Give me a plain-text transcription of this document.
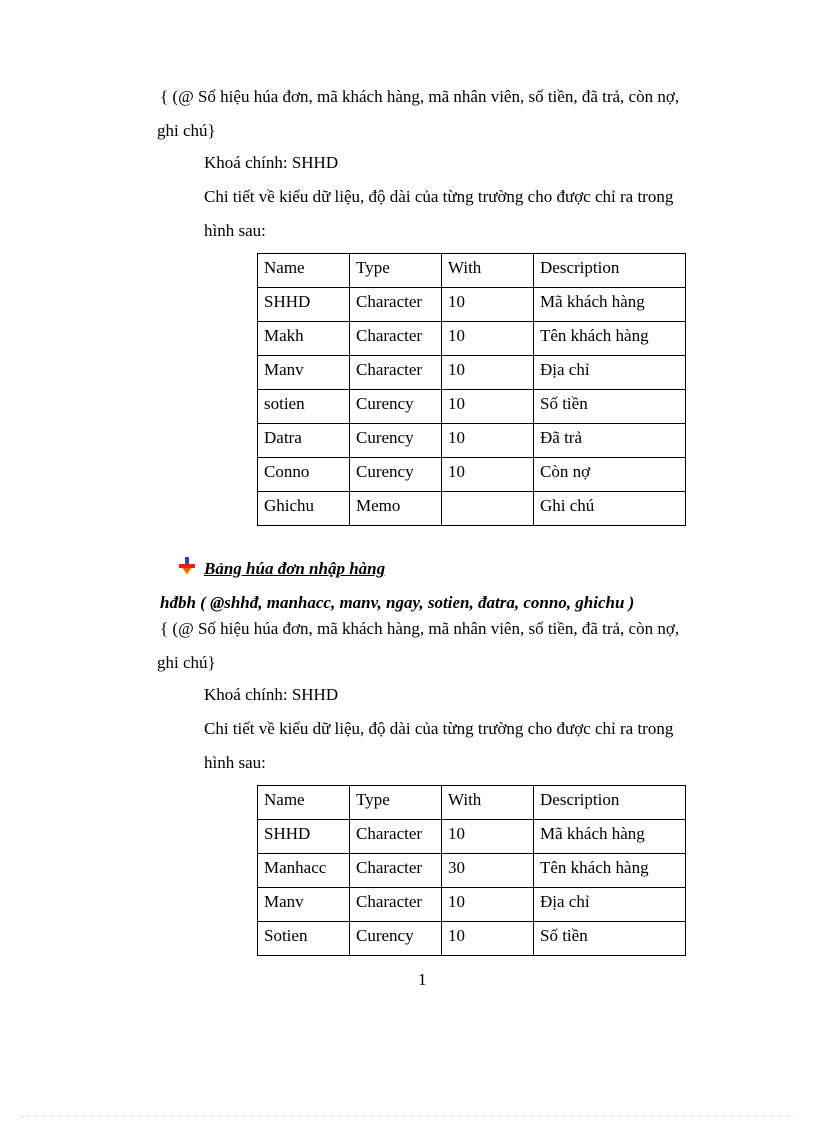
{ (@ Số hiệu húa đơn, mã khách hàng, mã nhân viên, số tiền, đã trả, còn nợ,
ghi chú}
Khoá chính: SHHD
Chi tiết về kiểu dữ liệu, độ dài của từng trường cho được chỉ ra trong
hình sau:
Name	Type	With	Description
SHHD	Character	10	Mã khách hàng
Makh	Character	10	Tên khách hàng
Manv	Character	10	Địa chỉ
sotien	Curency	10	Số tiền
Datra	Curency	10	Đã trả
Conno	Curency	10	Còn nợ
Ghichu	Memo		Ghi chú
Bảng húa đơn nhập hàng
hđbh ( @shhđ, manhacc, manv, ngay, sotien, đatra, conno, ghichu )
{ (@ Số hiệu húa đơn, mã khách hàng, mã nhân viên, số tiền, đã trả, còn nợ,
ghi chú}
Khoá chính: SHHD
Chi tiết về kiểu dữ liệu, độ dài của từng trường cho được chỉ ra trong
hình sau:
Name	Type	With	Description
SHHD	Character	10	Mã khách hàng
Manhacc	Character	30	Tên khách hàng
Manv	Character	10	Địa chỉ
Sotien	Curency	10	Số tiền
1
